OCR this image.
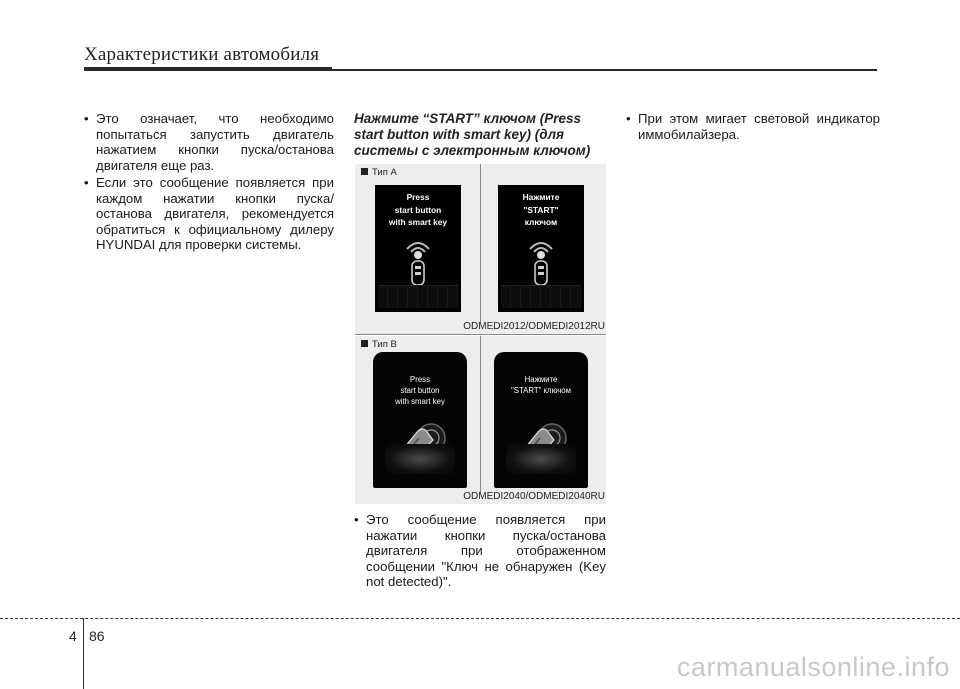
Характеристики автомобиля
• Это означает, что необходимо попытаться запустить двигатель нажатием кнопки пуска/останова двигателя еще раз.
• Если это сообщение появляется при каждом нажатии кнопки пуска/останова двигателя, рекомендуется обратиться к официальному дилеру HYUNDAI для проверки системы.

Нажмите “START” ключом (Press start button with smart key) (для системы с электронным ключом)

Тип A
Press
start button
with smart key
Нажмите
"START"
ключом
ODMEDI2012/ODMEDI2012RU
Тип B
Press
start button
with smart key
Нажмите
"START" ключом
ODMEDI2040/ODMEDI2040RU
• Это сообщение появляется при нажатии кнопки пуска/останова двигателя при отображенном сообщении "Ключ не обнаружен (Key not detected)".
• При этом мигает световой индикатор иммобилайзера.
4 86
carmanualsonline.info
